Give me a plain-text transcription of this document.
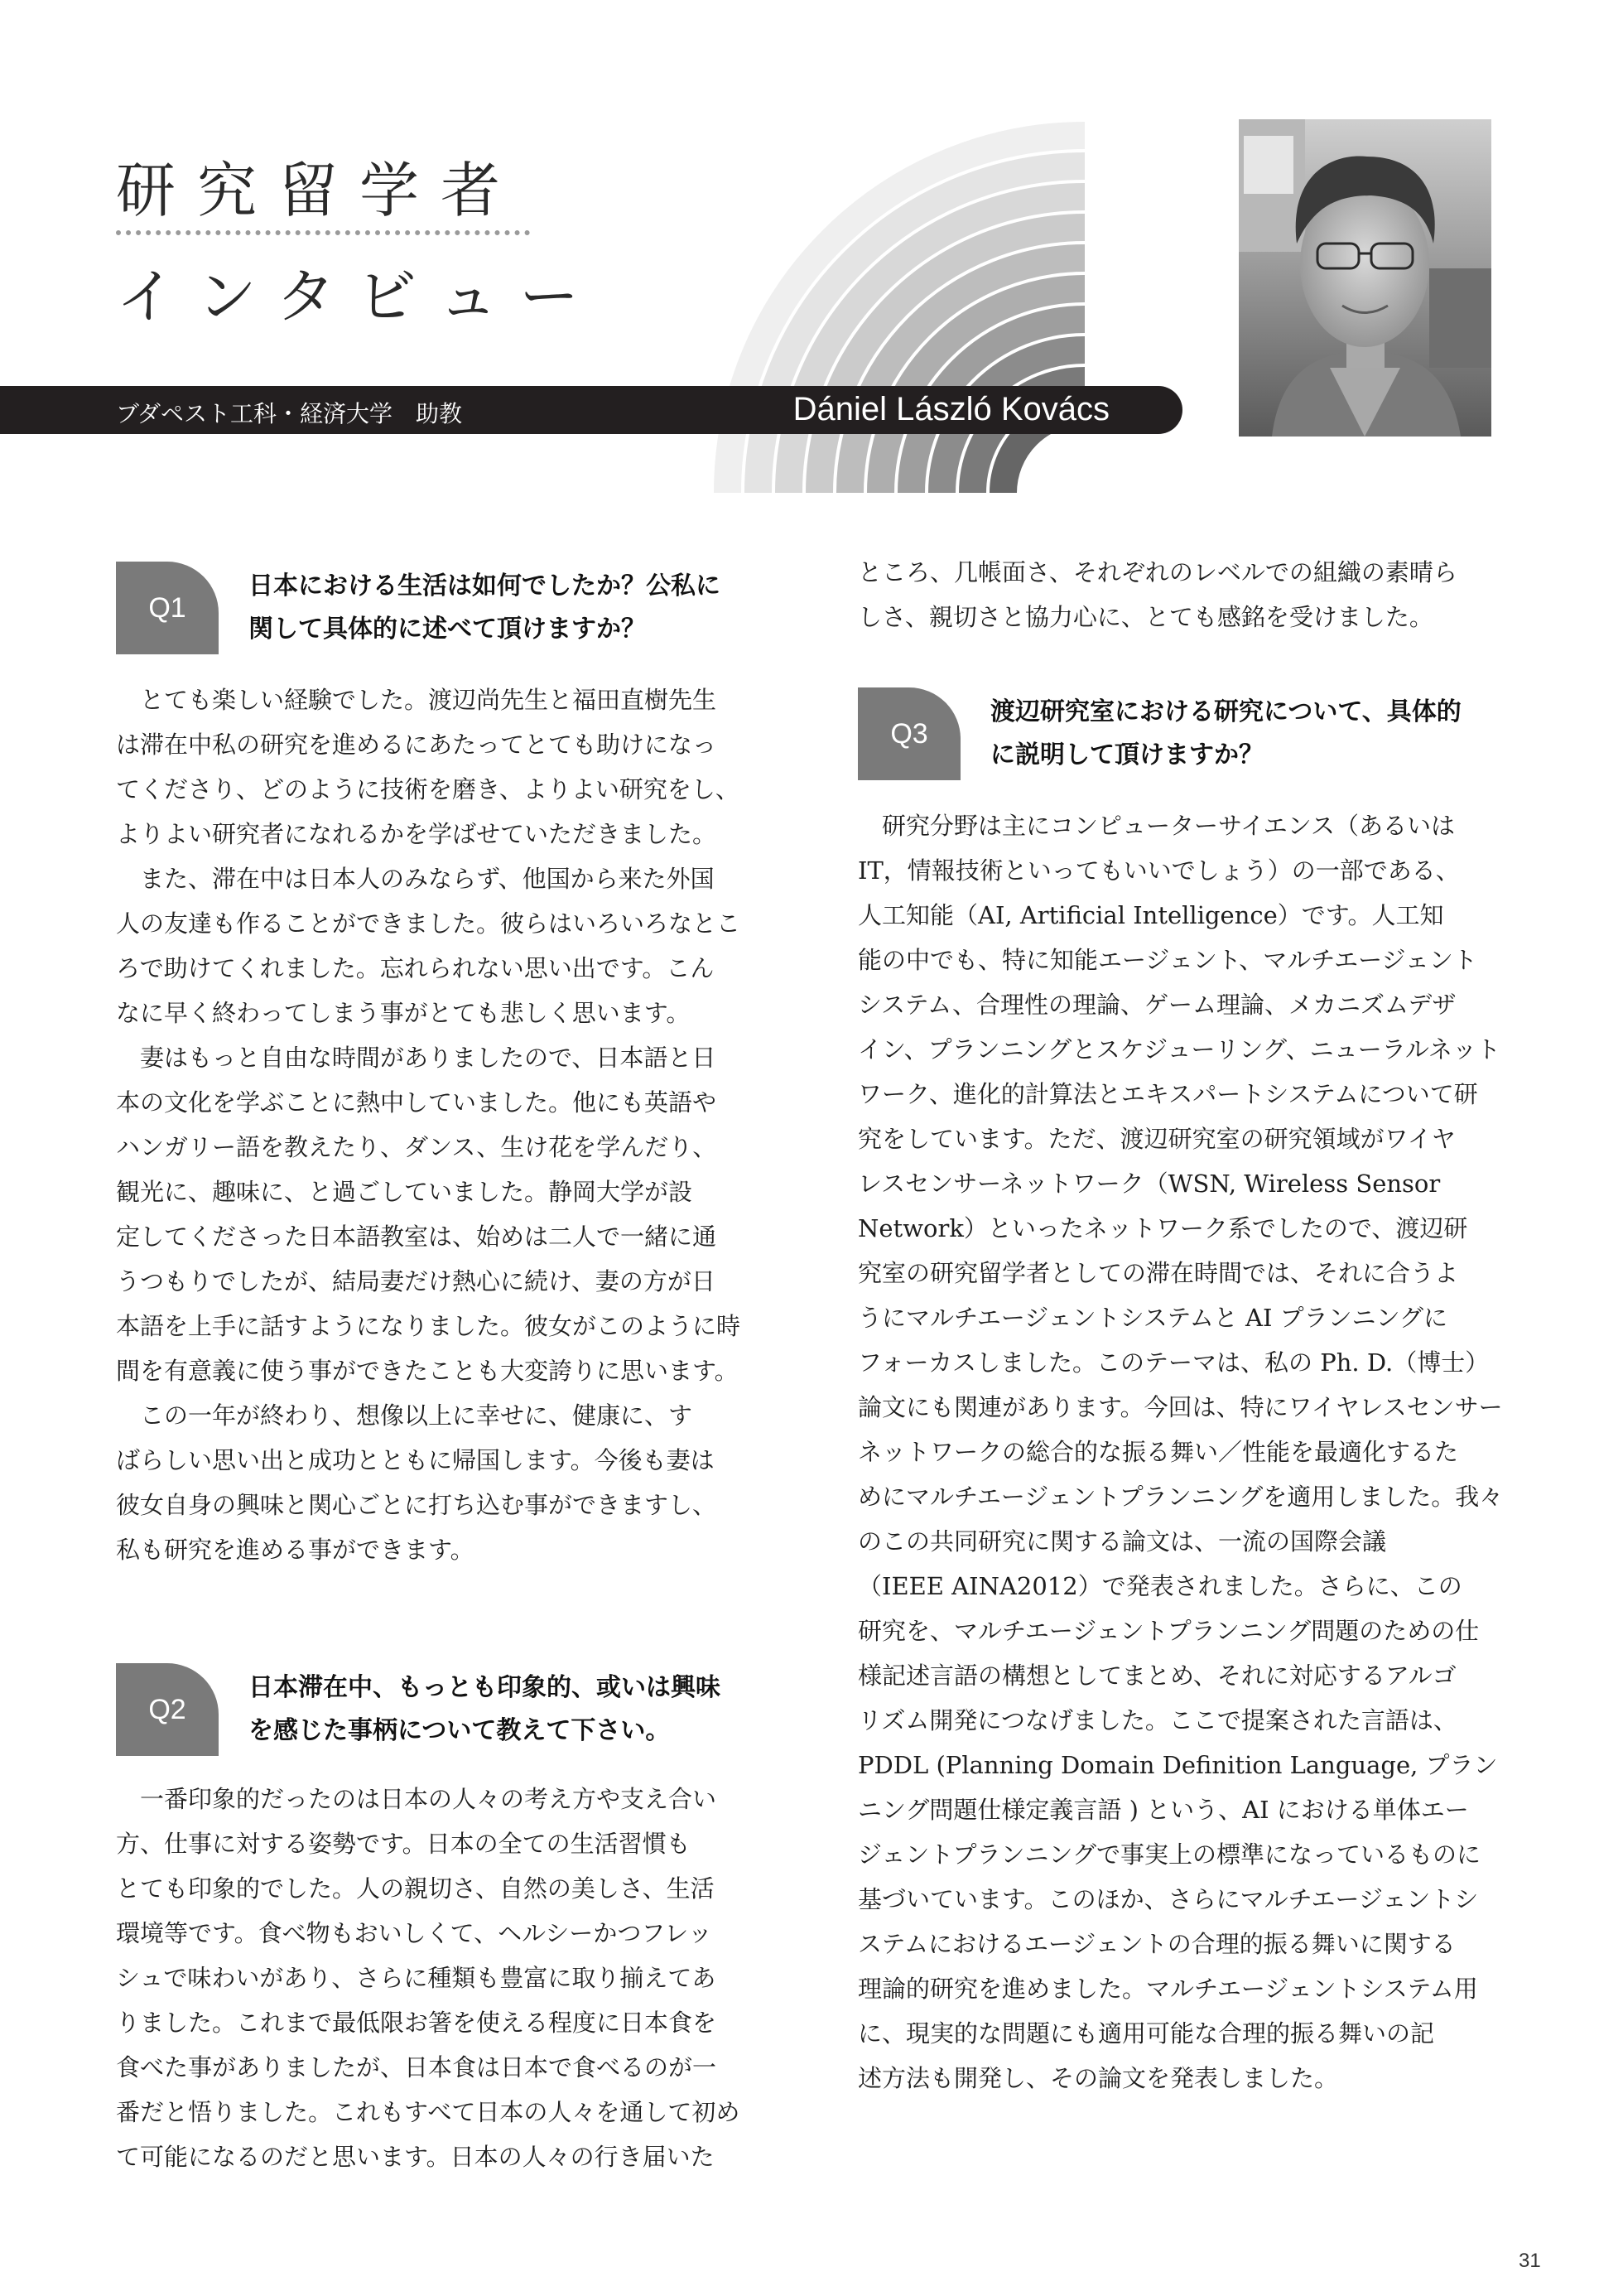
研究留学者
インタビュー
ブダペスト工科・経済大学　助教	Dániel László Kovács
Q1
日本における生活は如何でしたか？公私に
関して具体的に述べて頂けますか？
　とても楽しい経験でした。渡辺尚先生と福田直樹先生
は滞在中私の研究を進めるにあたってとても助けになっ
てくださり、どのように技術を磨き、よりよい研究をし、
よりよい研究者になれるかを学ばせていただきました。
　また、滞在中は日本人のみならず、他国から来た外国
人の友達も作ることができました。彼らはいろいろなとこ
ろで助けてくれました。忘れられない思い出です。こん
なに早く終わってしまう事がとても悲しく思います。
　妻はもっと自由な時間がありましたので、日本語と日
本の文化を学ぶことに熱中していました。他にも英語や
ハンガリー語を教えたり、ダンス、生け花を学んだり、
観光に、趣味に、と過ごしていました。静岡大学が設
定してくださった日本語教室は、始めは二人で一緒に通
うつもりでしたが、結局妻だけ熱心に続け、妻の方が日
本語を上手に話すようになりました。彼女がこのように時
間を有意義に使う事ができたことも大変誇りに思います。
　この一年が終わり、想像以上に幸せに、健康に、す
ばらしい思い出と成功とともに帰国します。今後も妻は
彼女自身の興味と関心ごとに打ち込む事ができますし、
私も研究を進める事ができます。
Q2
日本滞在中、もっとも印象的、或いは興味
を感じた事柄について教えて下さい。
　一番印象的だったのは日本の人々の考え方や支え合い
方、仕事に対する姿勢です。日本の全ての生活習慣も
とても印象的でした。人の親切さ、自然の美しさ、生活
環境等です。食べ物もおいしくて、ヘルシーかつフレッ
シュで味わいがあり、さらに種類も豊富に取り揃えてあ
りました。これまで最低限お箸を使える程度に日本食を
食べた事がありましたが、日本食は日本で食べるのが一
番だと悟りました。これもすべて日本の人々を通して初め
て可能になるのだと思います。日本の人々の行き届いた
ところ、几帳面さ、それぞれのレベルでの組織の素晴ら
しさ、親切さと協力心に、とても感銘を受けました。
Q3
渡辺研究室における研究について、具体的
に説明して頂けますか？
　研究分野は主にコンピューターサイエンス（あるいは
IT，情報技術といってもいいでしょう）の一部である、
人工知能（AI, Artificial Intelligence）です。人工知
能の中でも、特に知能エージェント、マルチエージェント
システム、合理性の理論、ゲーム理論、メカニズムデザ
イン、プランニングとスケジューリング、ニューラルネット
ワーク、進化的計算法とエキスパートシステムについて研
究をしています。ただ、渡辺研究室の研究領域がワイヤ
レスセンサーネットワーク（WSN, Wireless Sensor
Network）といったネットワーク系でしたので、渡辺研
究室の研究留学者としての滞在時間では、それに合うよ
うにマルチエージェントシステムと AI プランニングに
フォーカスしました。このテーマは、私の Ph. D.（博士）
論文にも関連があります。今回は、特にワイヤレスセンサー
ネットワークの総合的な振る舞い／性能を最適化するた
めにマルチエージェントプランニングを適用しました。我々
のこの共同研究に関する論文は、一流の国際会議
（IEEE AINA2012）で発表されました。さらに、この
研究を、マルチエージェントプランニング問題のための仕
様記述言語の構想としてまとめ、それに対応するアルゴ
リズム開発につなげました。ここで提案された言語は、
PDDL (Planning Domain Definition Language, プラン
ニング問題仕様定義言語 ) という、AI における単体エー
ジェントプランニングで事実上の標準になっているものに
基づいています。このほか、さらにマルチエージェントシ
ステムにおけるエージェントの合理的振る舞いに関する
理論的研究を進めました。マルチエージェントシステム用
に、現実的な問題にも適用可能な合理的振る舞いの記
述方法も開発し、その論文を発表しました。
31
